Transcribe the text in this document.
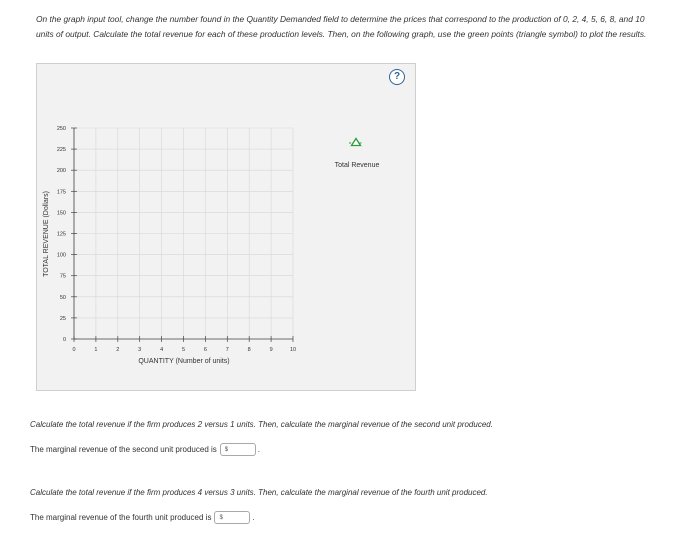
On the graph input tool, change the number found in the Quantity Demanded field to determine the prices that correspond to the production of 0, 2, 4, 5, 6, 8, and 10 units of output. Calculate the total revenue for each of these production levels. Then, on the following graph, use the green points (triangle symbol) to plot the results.
?
0
25
50
75
100
125
150
175
200
225
250
0	1	2	3	4	5	6	7	8	9	10
TOTAL REVENUE (Dollars)
QUANTITY (Number of units)
Total Revenue
Calculate the total revenue if the firm produces 2 versus 1 units. Then, calculate the marginal revenue of the second unit produced.
The marginal revenue of the second unit produced is $	.
Calculate the total revenue if the firm produces 4 versus 3 units. Then, calculate the marginal revenue of the fourth unit produced.
The marginal revenue of the fourth unit produced is $	.
